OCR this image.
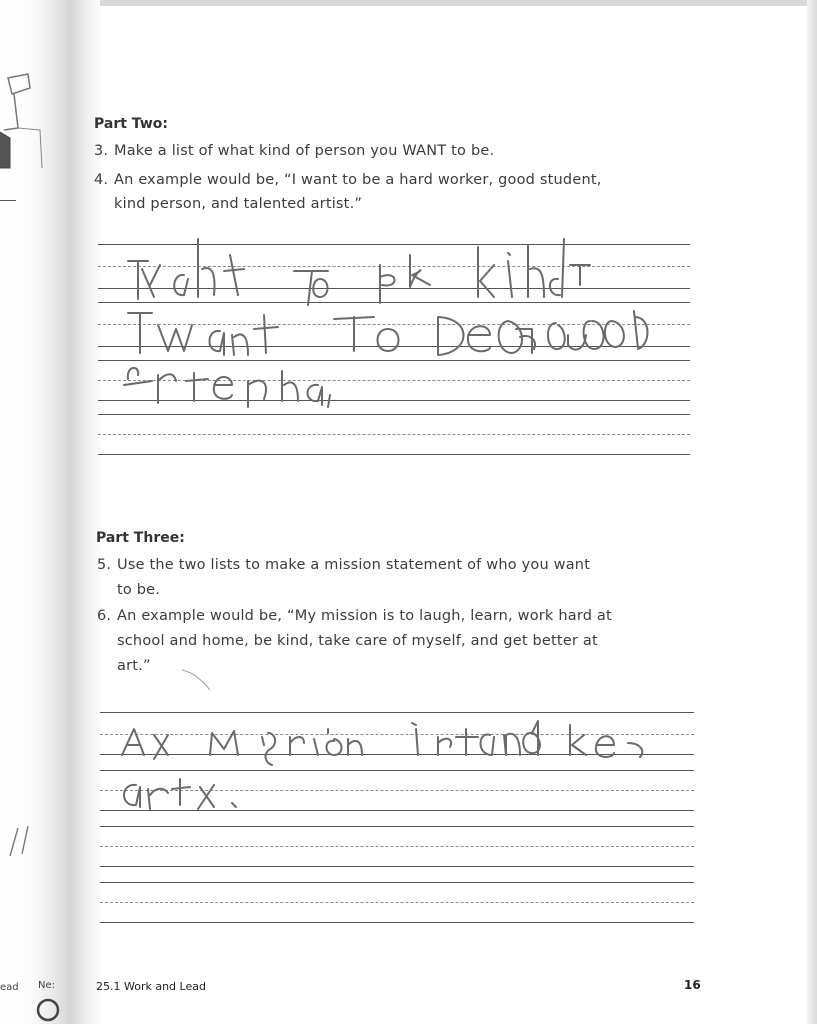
ead Ne:
Part Two:
3. Make a list of what kind of person you WANT to be.
4. An example would be, “I want to be a hard worker, good student,
kind person, and talented artist.”
Part Three:
5. Use the two lists to make a mission statement of who you want
to be.
6. An example would be, “My mission is to laugh, learn, work hard at
school and home, be kind, take care of myself, and get better at
art.”
25.1 Work and Lead	16
